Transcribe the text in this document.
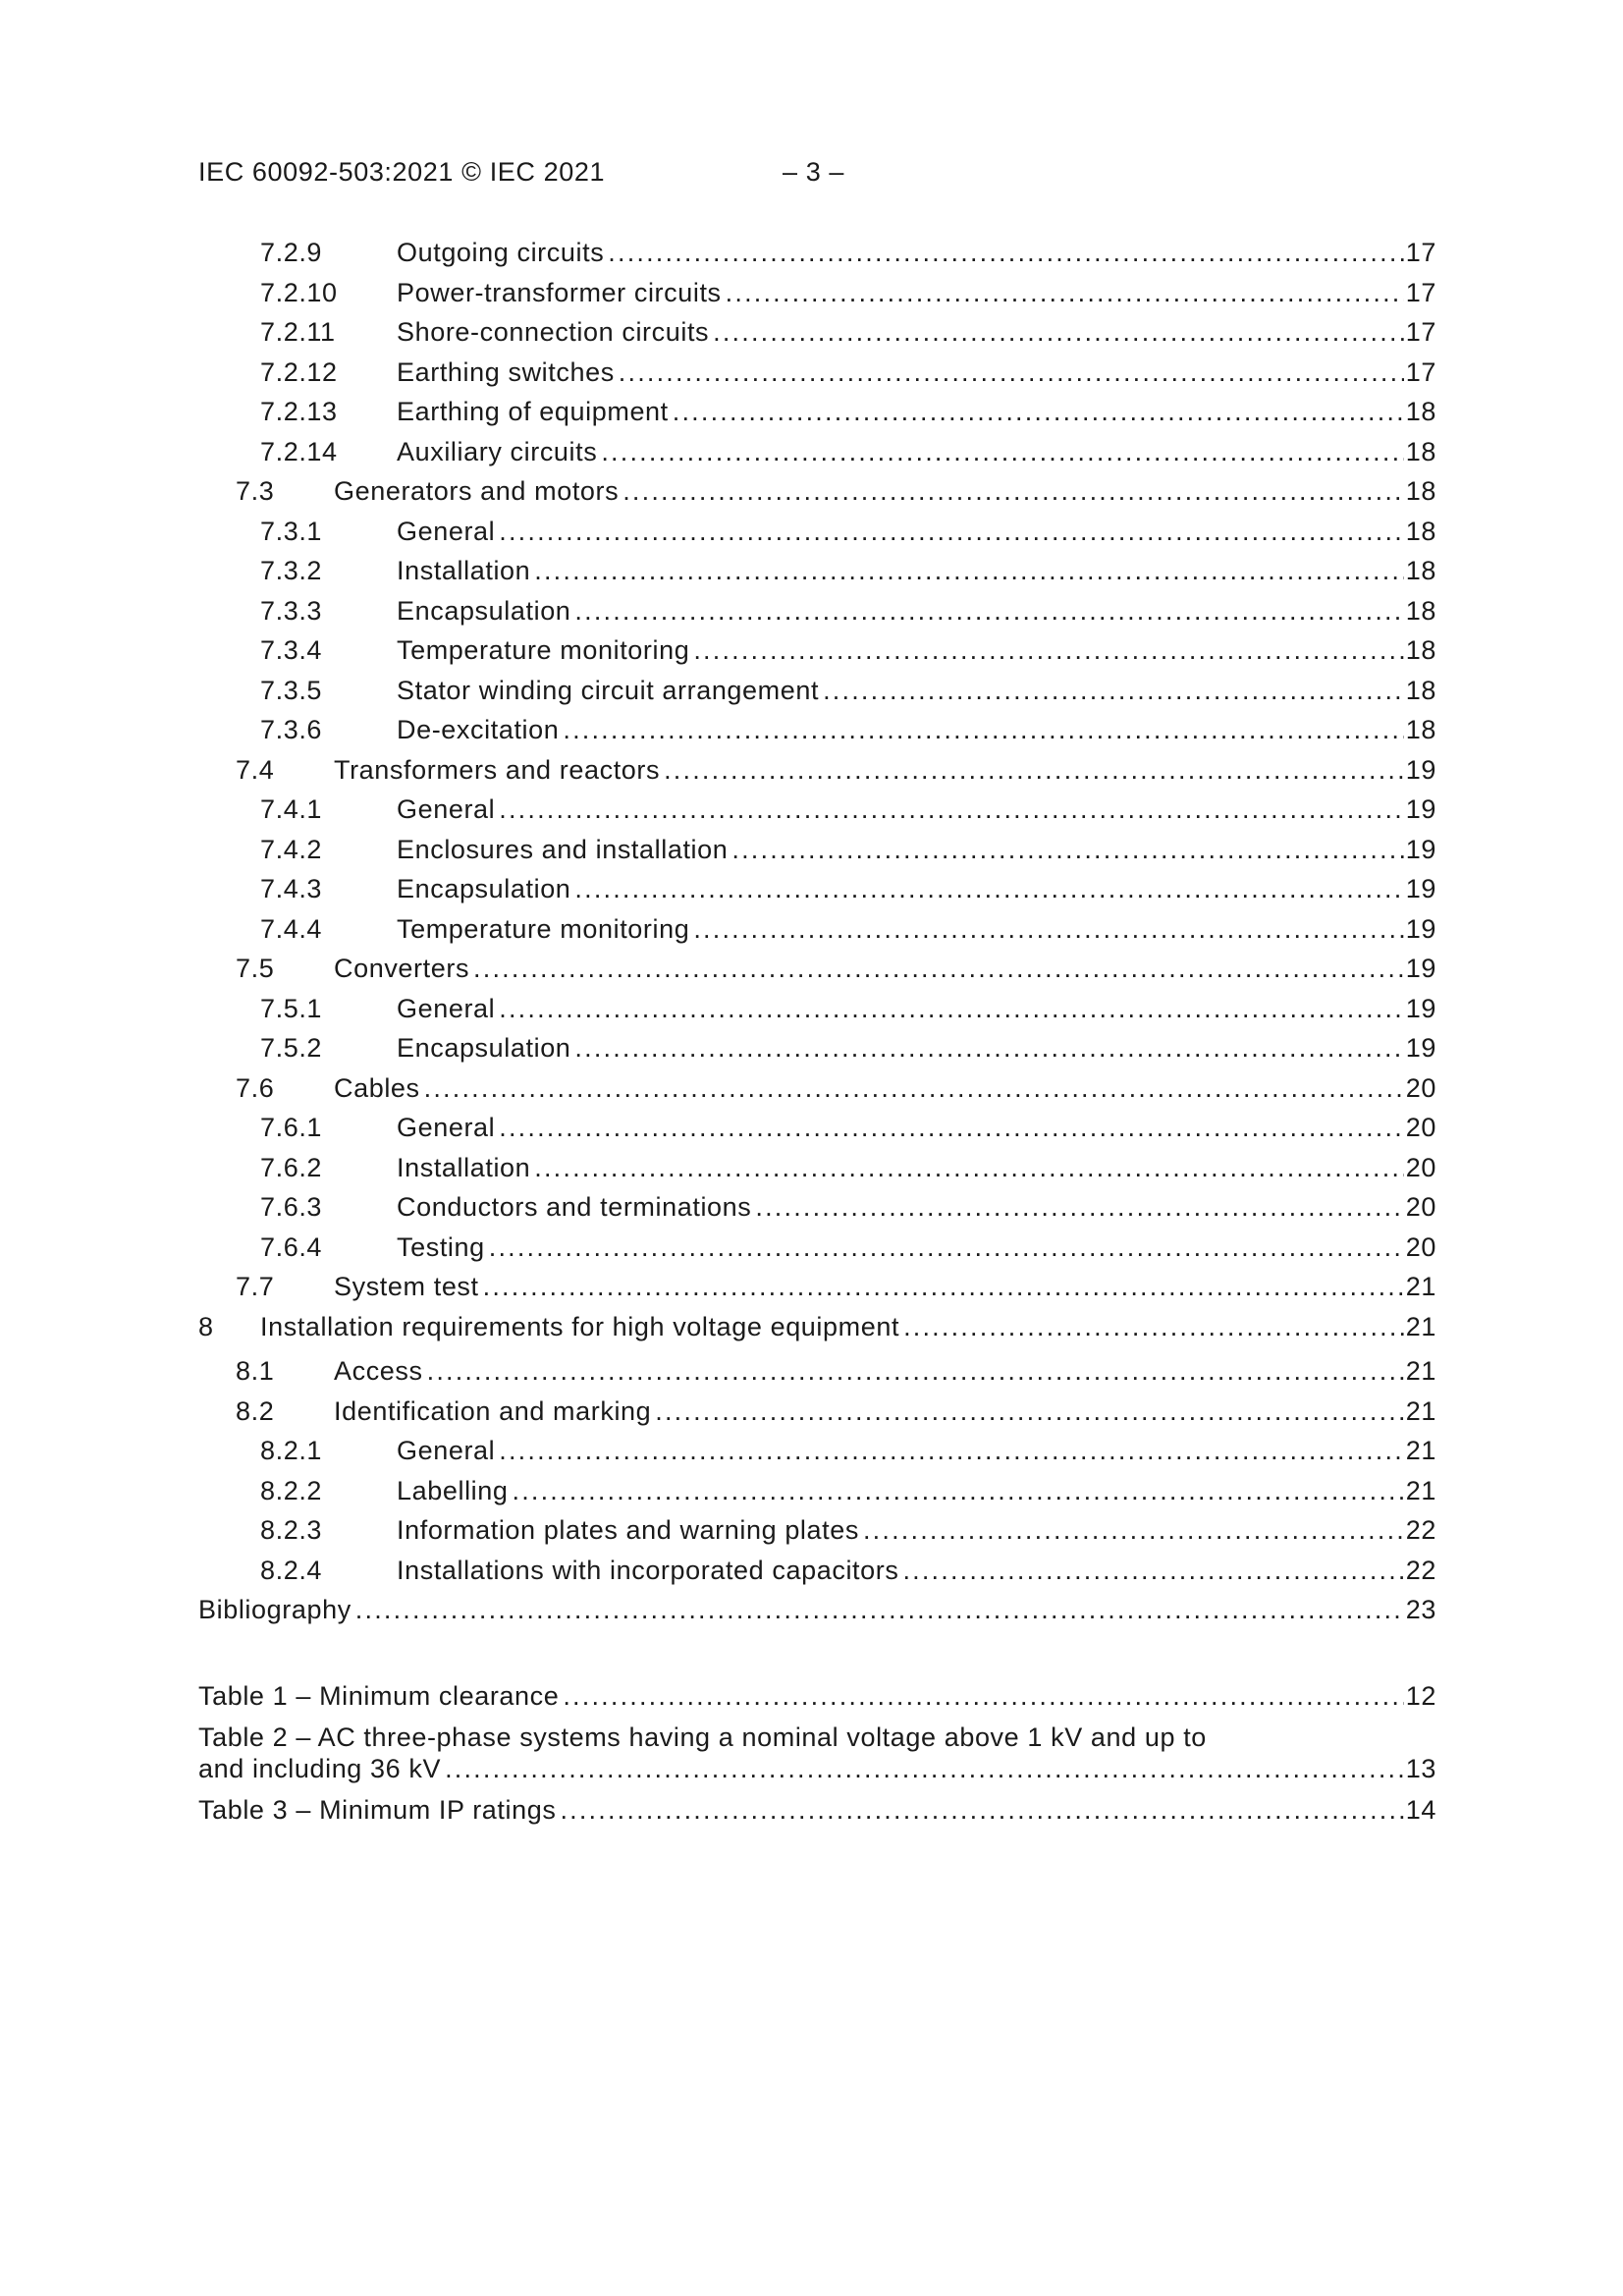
IEC 60092-503:2021 © IEC 2021	– 3 –
7.2.9	Outgoing circuits .....	17
7.2.10	Power-transformer circuits .....	17
7.2.11	Shore-connection circuits .....	17
7.2.12	Earthing switches .....	17
7.2.13	Earthing of equipment .....	18
7.2.14	Auxiliary circuits .....	18
7.3	Generators and motors .....	18
7.3.1	General .....	18
7.3.2	Installation .....	18
7.3.3	Encapsulation .....	18
7.3.4	Temperature monitoring .....	18
7.3.5	Stator winding circuit arrangement .....	18
7.3.6	De-excitation .....	18
7.4	Transformers and reactors .....	19
7.4.1	General .....	19
7.4.2	Enclosures and installation .....	19
7.4.3	Encapsulation .....	19
7.4.4	Temperature monitoring .....	19
7.5	Converters .....	19
7.5.1	General .....	19
7.5.2	Encapsulation .....	19
7.6	Cables .....	20
7.6.1	General .....	20
7.6.2	Installation .....	20
7.6.3	Conductors and terminations .....	20
7.6.4	Testing .....	20
7.7	System test .....	21
8	Installation requirements for high voltage equipment .....	21
8.1	Access .....	21
8.2	Identification and marking .....	21
8.2.1	General .....	21
8.2.2	Labelling .....	21
8.2.3	Information plates and warning plates .....	22
8.2.4	Installations with incorporated capacitors .....	22
Bibliography .....	23
Table 1 – Minimum clearance .....	12
Table 2 – AC three-phase systems having a nominal voltage above 1 kV and up to
and including 36 kV .....	13
Table 3 – Minimum IP ratings .....	14
